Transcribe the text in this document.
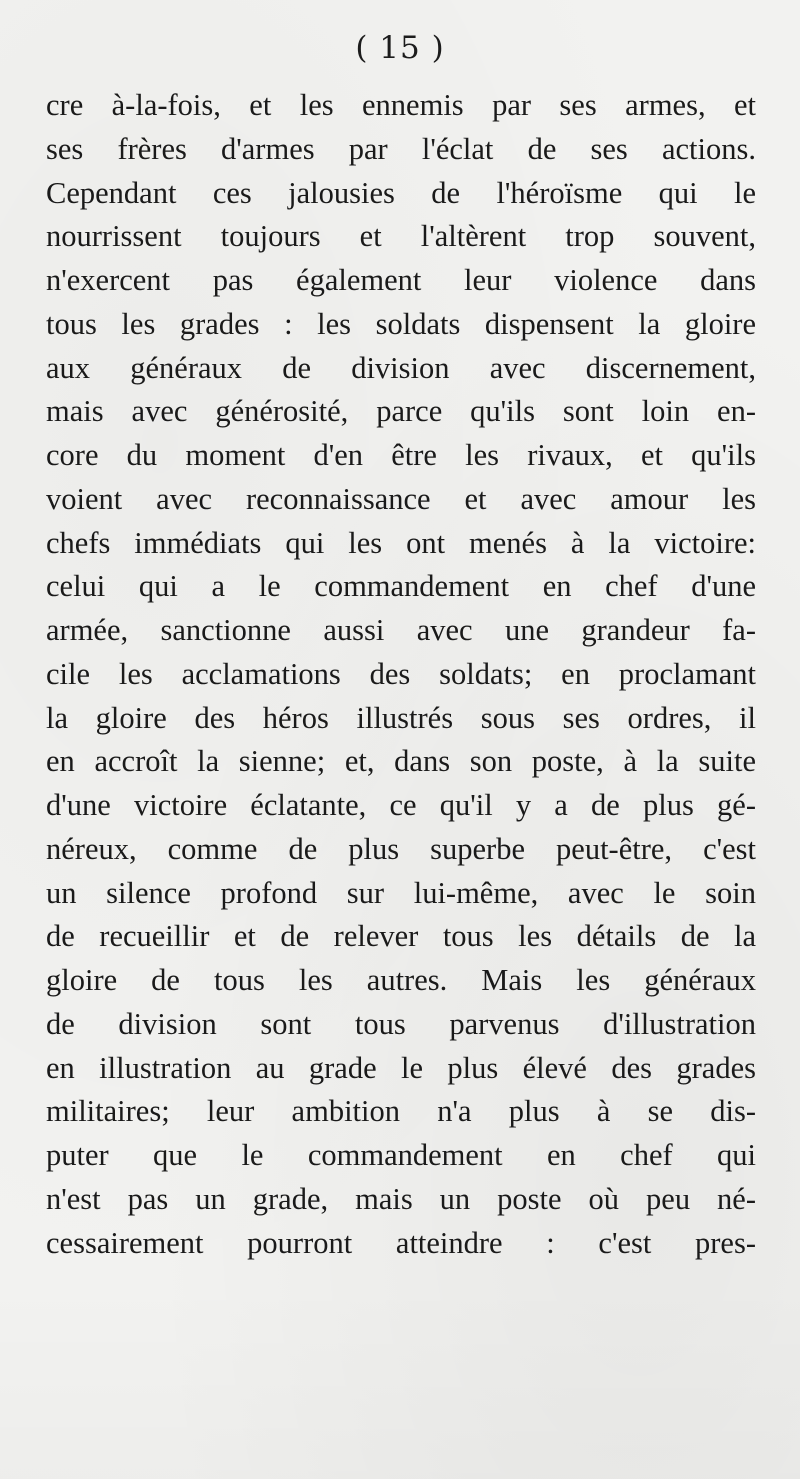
( 15 )

cre à-la-fois, et les ennemis par ses armes, et
ses frères d'armes par l'éclat de ses actions.
Cependant ces jalousies de l'héroïsme qui le
nourrissent toujours et l'altèrent trop souvent,
n'exercent pas également leur violence dans
tous les grades : les soldats dispensent la gloire
aux généraux de division avec discernement,
mais avec générosité, parce qu'ils sont loin en-
core du moment d'en être les rivaux, et qu'ils
voient avec reconnaissance et avec amour les
chefs immédiats qui les ont menés à la victoire:
celui qui a le commandement en chef d'une
armée, sanctionne aussi avec une grandeur fa-
cile les acclamations des soldats; en proclamant
la gloire des héros illustrés sous ses ordres, il
en accroît la sienne; et, dans son poste, à la suite
d'une victoire éclatante, ce qu'il y a de plus gé-
néreux, comme de plus superbe peut-être, c'est
un silence profond sur lui-même, avec le soin
de recueillir et de relever tous les détails de la
gloire de tous les autres. Mais les généraux
de division sont tous parvenus d'illustration
en illustration au grade le plus élevé des grades
militaires; leur ambition n'a plus à se dis-
puter que le commandement en chef qui
n'est pas un grade, mais un poste où peu né-
cessairement pourront atteindre : c'est pres-
